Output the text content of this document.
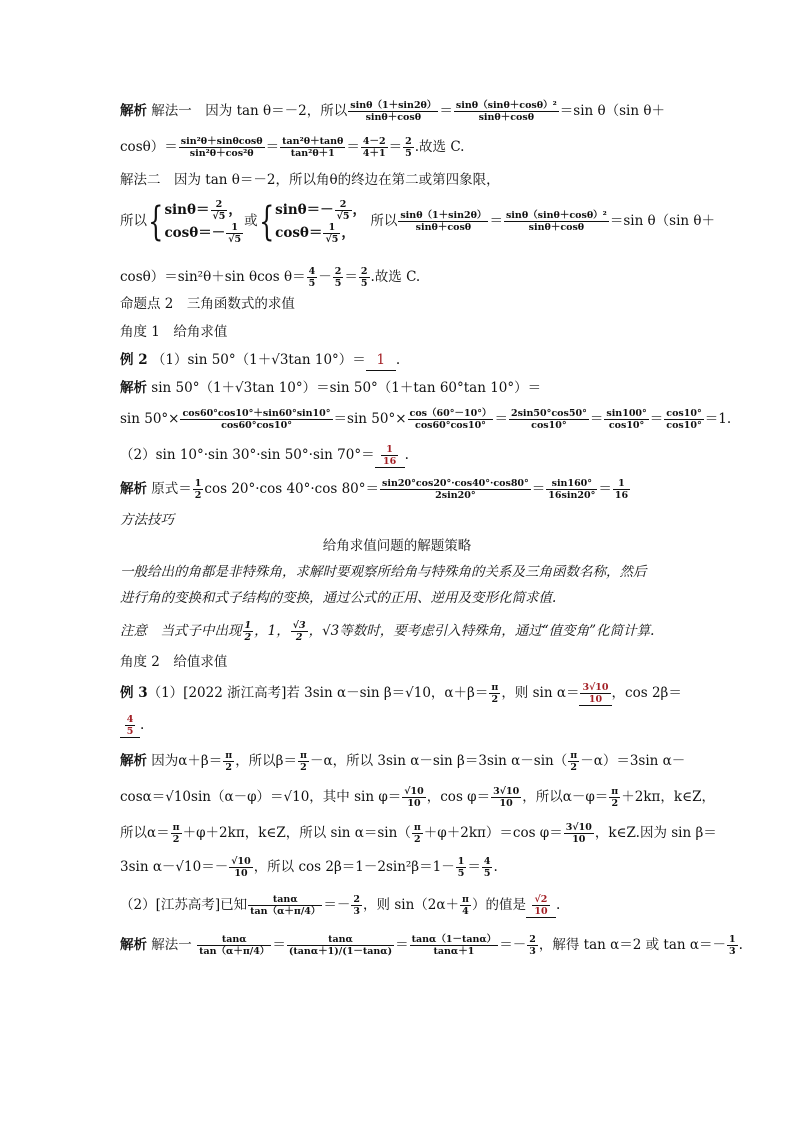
解析 解法一　因为 tan θ＝－2，所以 $\frac{\sin\theta(1+\sin 2\theta)}{\sin\theta+\cos\theta} = \frac{\text{sinθ（sinθ＋cosθ）²}}{\sin\theta+\cos\theta} =\sin$ θ（sin θ＋
$\cos\theta)= \frac{\text{sin²θ＋sinθcosθ}}{\text{sin²θ＋cos²θ}} = \frac{\text{tan²θ＋tanθ}}{\text{tan²θ＋1}} = \frac{4-2}{4+1} = \frac{2}{5}$ .故选 C.
解法二　因为 tan θ＝－2，所以角θ的终边在第二或第四象限，
所以{ $\sin\theta= \frac{2}{√5}$ ，
$\cos\theta=- \frac{1}{√5}$
或{ $\sin\theta=- \frac{2}{√5}$ ，
$\cos\theta= \frac{1}{√5}$ ，
所以 $\frac{\sin\theta(1+\sin 2\theta)}{\sin\theta+\cos\theta} = \frac{\text{sinθ（sinθ＋cosθ）²}}{\sin\theta+\cos\theta} =\sin$ θ（sin θ＋
cosθ）＝sin²θ＋sin θcos $\theta= \frac{4}{5} - \frac{2}{5} = \frac{2}{5}$ .故选 C.
命题点 2　三角函数式的求值
角度 1　给角求值
例 2 （1）sin 50°（1＋√3tan 10°）＝ 1 .
解析 sin 50°（1＋√3tan 10°）＝sin 50°（1＋tan 60°tan 10°）＝
$\sin 50^\circ\times \frac{\cos 60^\circ\cos 10^\circ+\sin 60^\circ\sin 10^\circ}{\cos 60^\circ\cos 10^\circ} =\sin$ $50^\circ\times \frac{\cos(60^\circ-10^\circ)}{\cos 60^\circ\cos 10^\circ} = \frac{2\sin 50^\circ\cos 50^\circ}{\cos 10^\circ} = \frac{\sin 100^\circ}{\cos 10^\circ} = \frac{\cos 10^\circ}{\cos 10^\circ} =1$.
（2）sin 10°·sin 30°·sin 50°·sin $70^\circ= \frac{1}{16}$ .
解析 原式＝ $\frac{1}{2}$ cos 20°·cos 40°·cos $80^\circ= \frac{\sin 20^\circ\cos 20^\circ\cdot\cos 40^\circ\cdot\cos 80^\circ}{2\sin 20^\circ} = \frac{\sin 160^\circ}{16\sin 20^\circ} = \frac{1}{16}$
方法技巧
给角求值问题的解题策略
一般给出的角都是非特殊角，求解时要观察所给角与特殊角的关系及三角函数名称，然后
进行角的变换和式子结构的变换，通过公式的正用、逆用及变形化简求值.
注意　当式子中出现 $\frac{1}{2}$ ，1， $\frac{√3}{2}$ ，√3等数时，要考虑引入特殊角，通过“值变角”化简计算.
角度 2　给值求值
例 3（1）[2022 浙江高考]若 3sin α－sin β＝√10，$\alpha+\beta= \frac{\pi}{2}$ ，则 $\sin \alpha= \frac{3√10}{10}$ ，cos 2β＝
$\frac{4}{5}$ .
解析 因为$\alpha+\beta= \frac{\pi}{2}$ ，所以$\beta= \frac{\pi}{2} -\alpha$，所以 3sin α－sin β＝3sin $\alpha-\sin( \frac{\pi}{2} -\alpha)=3\sin$ α－
cosα＝√10sin（α－φ）＝√10，其中 $\sin \varphi= \frac{√10}{10}$ ，$\cos \varphi= \frac{3√10}{10}$ ，所以$\alpha-\varphi= \frac{\pi}{2} +2k\pi$，k∈Z，
所以$\alpha= \frac{\pi}{2} +\varphi+2k\pi$，k∈Z，所以 $\sin \alpha=\sin( \frac{\pi}{2} +\varphi+2k\pi)=\cos$ $\varphi= \frac{3√10}{10}$ ，k∈Z.因为 sin β＝
3sin $\alpha-√10=- \frac{√10}{10}$ ，所以 $\cos 2\beta=1-2\sin^2\beta=1- \frac{1}{5} = \frac{4}{5}$ .
（2）[江苏高考]已知 $\frac{\tan\alpha}{\tan(\alpha+\pi/4)} =- \frac{2}{3}$ ，则 $\sin(2\alpha+ \frac{\pi}{4}$ ）的值是 $\frac{√2}{10}$ .
解析 解法一 $\frac{\tan\alpha}{\tan(\alpha+\pi/4)} = \frac{\tan\alpha}{(\tan\alpha+1)/(1-\tan\alpha)} = \frac{\tan\alpha(1-\tan\alpha)}{\tan\alpha+1} =- \frac{2}{3}$ ，解得 tan α＝2 或 $\tan \alpha=- \frac{1}{3}$ .
